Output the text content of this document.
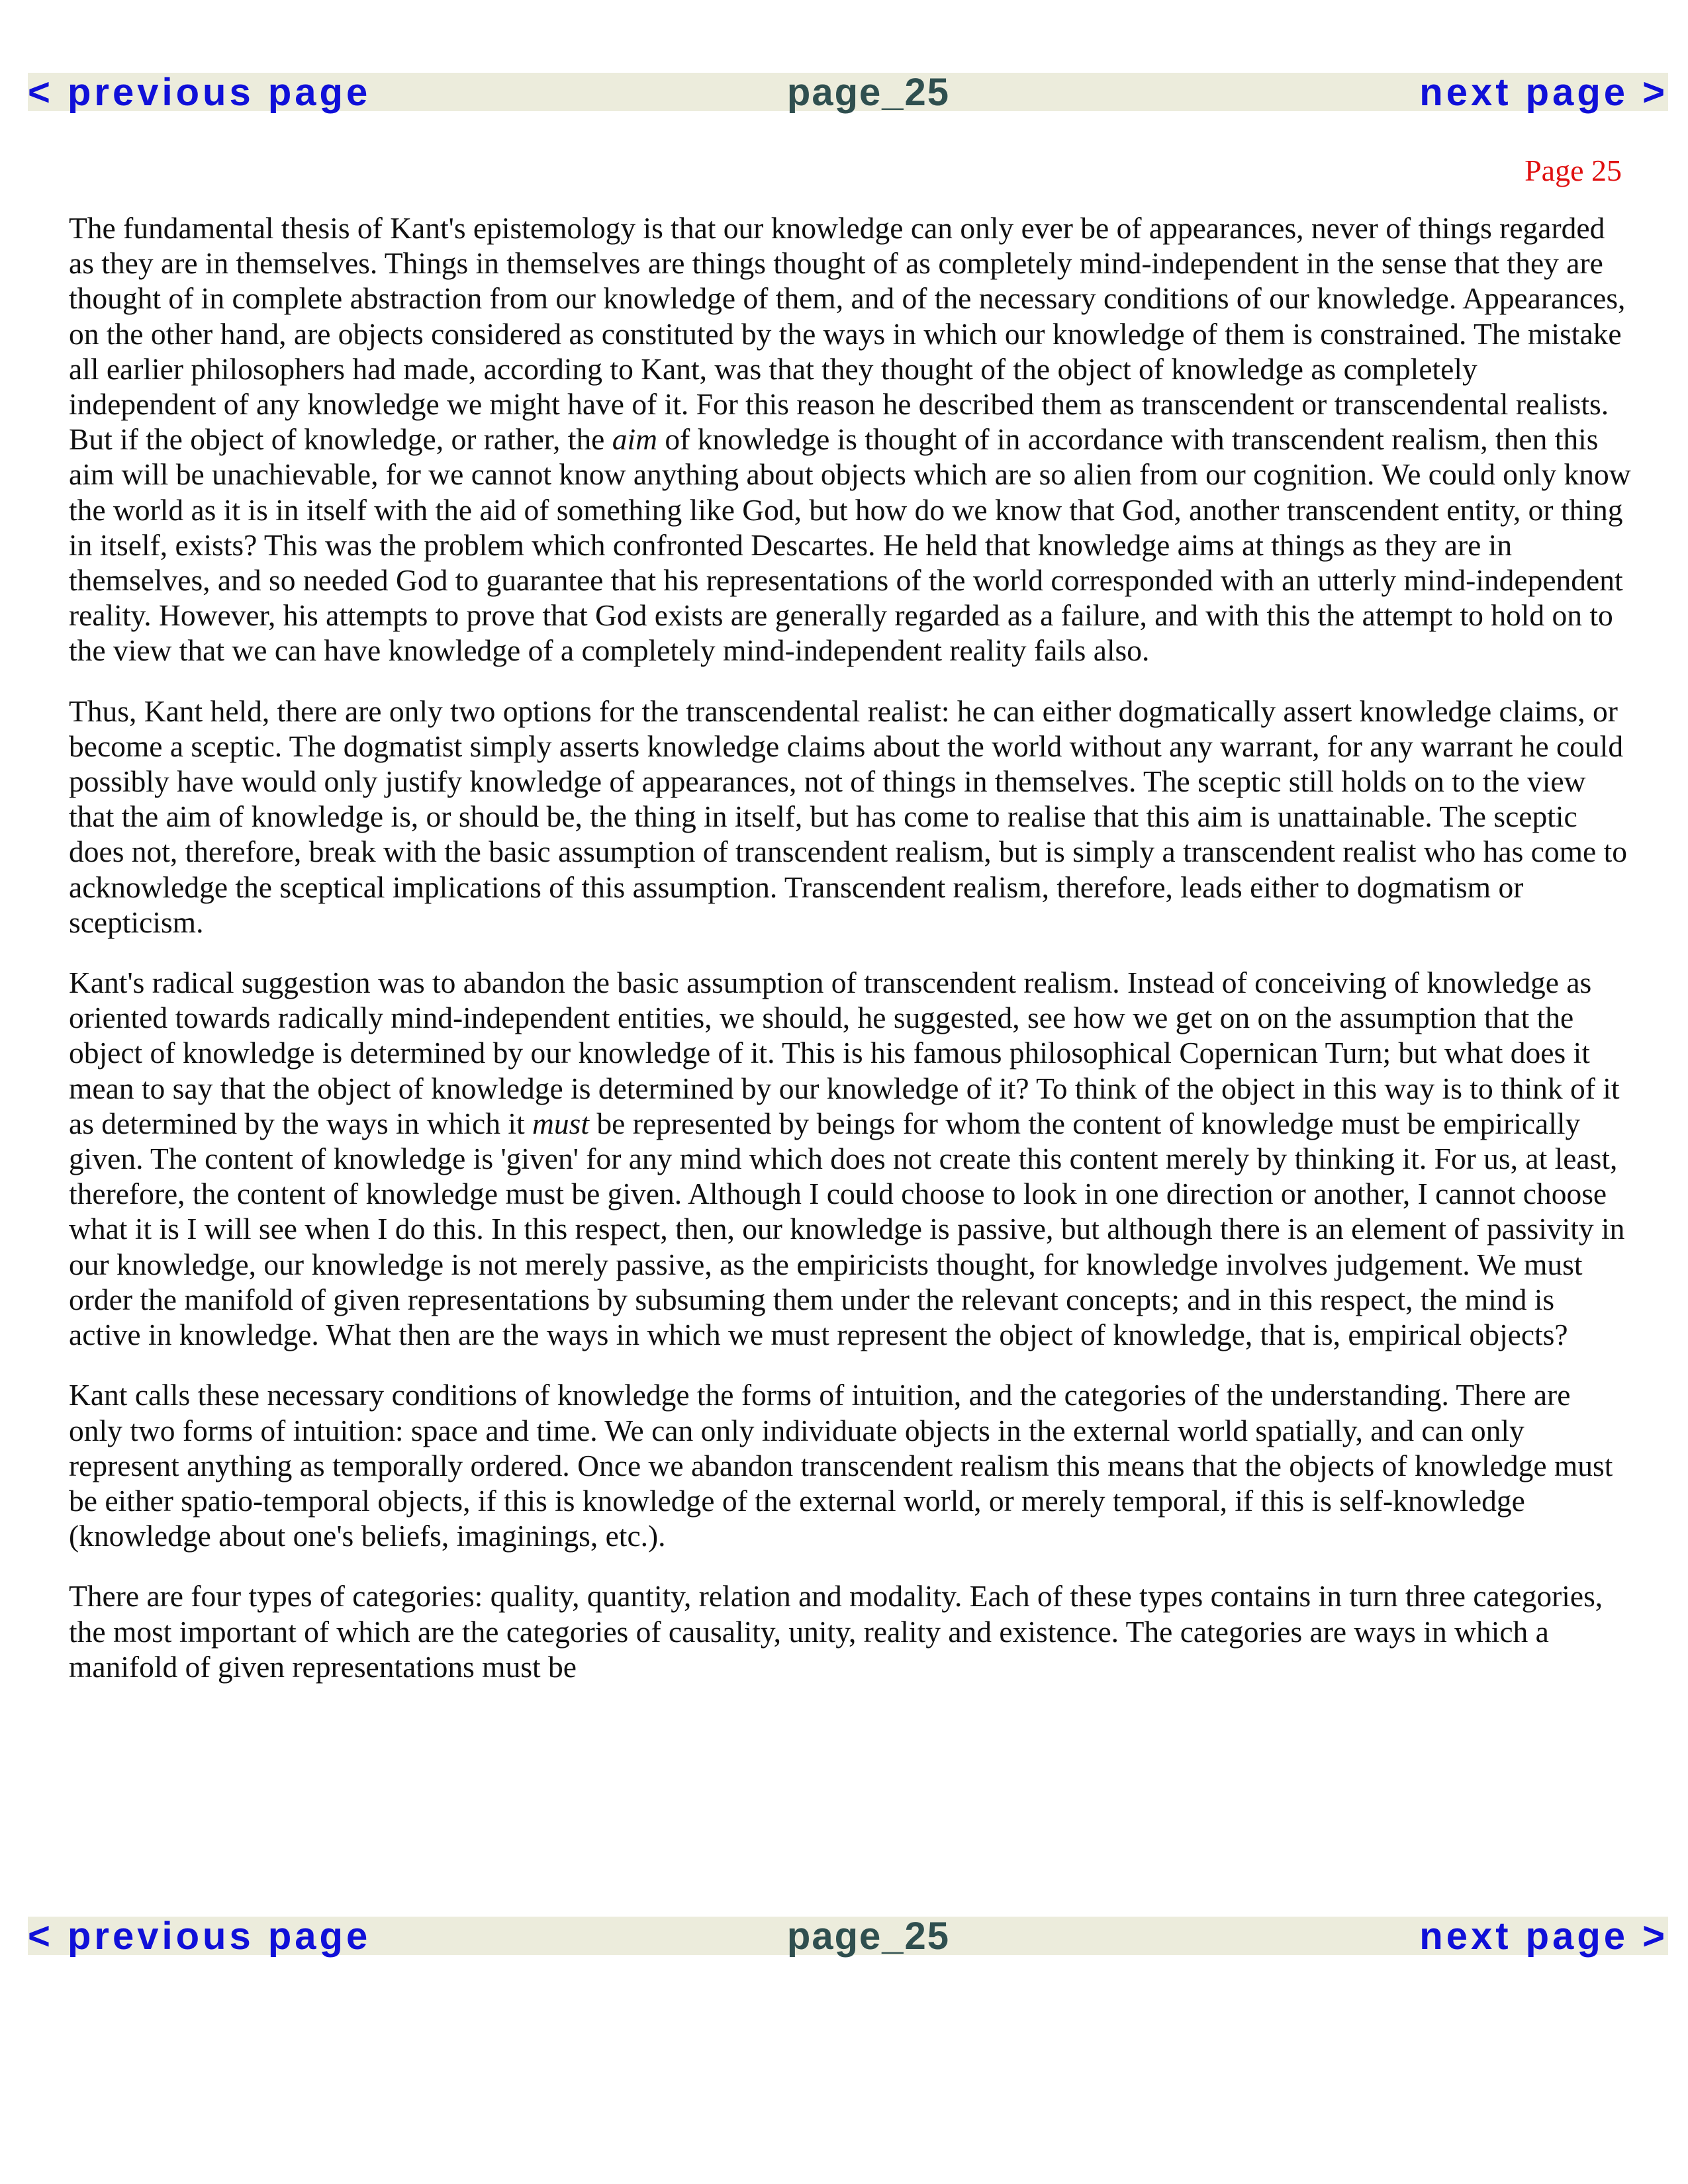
< previous page	page_25	next page >
Page 25

The fundamental thesis of Kant's epistemology is that our knowledge can only ever be of appearances, never of things regarded as they are in themselves. Things in themselves are things thought of as completely mind-independent in the sense that they are thought of in complete abstraction from our knowledge of them, and of the necessary conditions of our knowledge. Appearances, on the other hand, are objects considered as constituted by the ways in which our knowledge of them is constrained. The mistake all earlier philosophers had made, according to Kant, was that they thought of the object of knowledge as completely independent of any knowledge we might have of it. For this reason he described them as transcendent or transcendental realists. But if the object of knowledge, or rather, the aim of knowledge is thought of in accordance with transcendent realism, then this aim will be unachievable, for we cannot know anything about objects which are so alien from our cognition. We could only know the world as it is in itself with the aid of something like God, but how do we know that God, another transcendent entity, or thing in itself, exists? This was the problem which confronted Descartes. He held that knowledge aims at things as they are in themselves, and so needed God to guarantee that his representations of the world corresponded with an utterly mind-independent reality. However, his attempts to prove that God exists are generally regarded as a failure, and with this the attempt to hold on to the view that we can have knowledge of a completely mind-independent reality fails also.

Thus, Kant held, there are only two options for the transcendental realist: he can either dogmatically assert knowledge claims, or become a sceptic. The dogmatist simply asserts knowledge claims about the world without any warrant, for any warrant he could possibly have would only justify knowledge of appearances, not of things in themselves. The sceptic still holds on to the view that the aim of knowledge is, or should be, the thing in itself, but has come to realise that this aim is unattainable. The sceptic does not, therefore, break with the basic assumption of transcendent realism, but is simply a transcendent realist who has come to acknowledge the sceptical implications of this assumption. Transcendent realism, therefore, leads either to dogmatism or scepticism.

Kant's radical suggestion was to abandon the basic assumption of transcendent realism. Instead of conceiving of knowledge as oriented towards radically mind-independent entities, we should, he suggested, see how we get on on the assumption that the object of knowledge is determined by our knowledge of it. This is his famous philosophical Copernican Turn; but what does it mean to say that the object of knowledge is determined by our knowledge of it? To think of the object in this way is to think of it as determined by the ways in which it must be represented by beings for whom the content of knowledge must be empirically given. The content of knowledge is 'given' for any mind which does not create this content merely by thinking it. For us, at least, therefore, the content of knowledge must be given. Although I could choose to look in one direction or another, I cannot choose what it is I will see when I do this. In this respect, then, our knowledge is passive, but although there is an element of passivity in our knowledge, our knowledge is not merely passive, as the empiricists thought, for knowledge involves judgement. We must order the manifold of given representations by subsuming them under the relevant concepts; and in this respect, the mind is active in knowledge. What then are the ways in which we must represent the object of knowledge, that is, empirical objects?

Kant calls these necessary conditions of knowledge the forms of intuition, and the categories of the understanding. There are only two forms of intuition: space and time. We can only individuate objects in the external world spatially, and can only represent anything as temporally ordered. Once we abandon transcendent realism this means that the objects of knowledge must be either spatio-temporal objects, if this is knowledge of the external world, or merely temporal, if this is self-knowledge (knowledge about one's beliefs, imaginings, etc.).

There are four types of categories: quality, quantity, relation and modality. Each of these types contains in turn three categories, the most important of which are the categories of causality, unity, reality and existence. The categories are ways in which a manifold of given representations must be

< previous page	page_25	next page >
